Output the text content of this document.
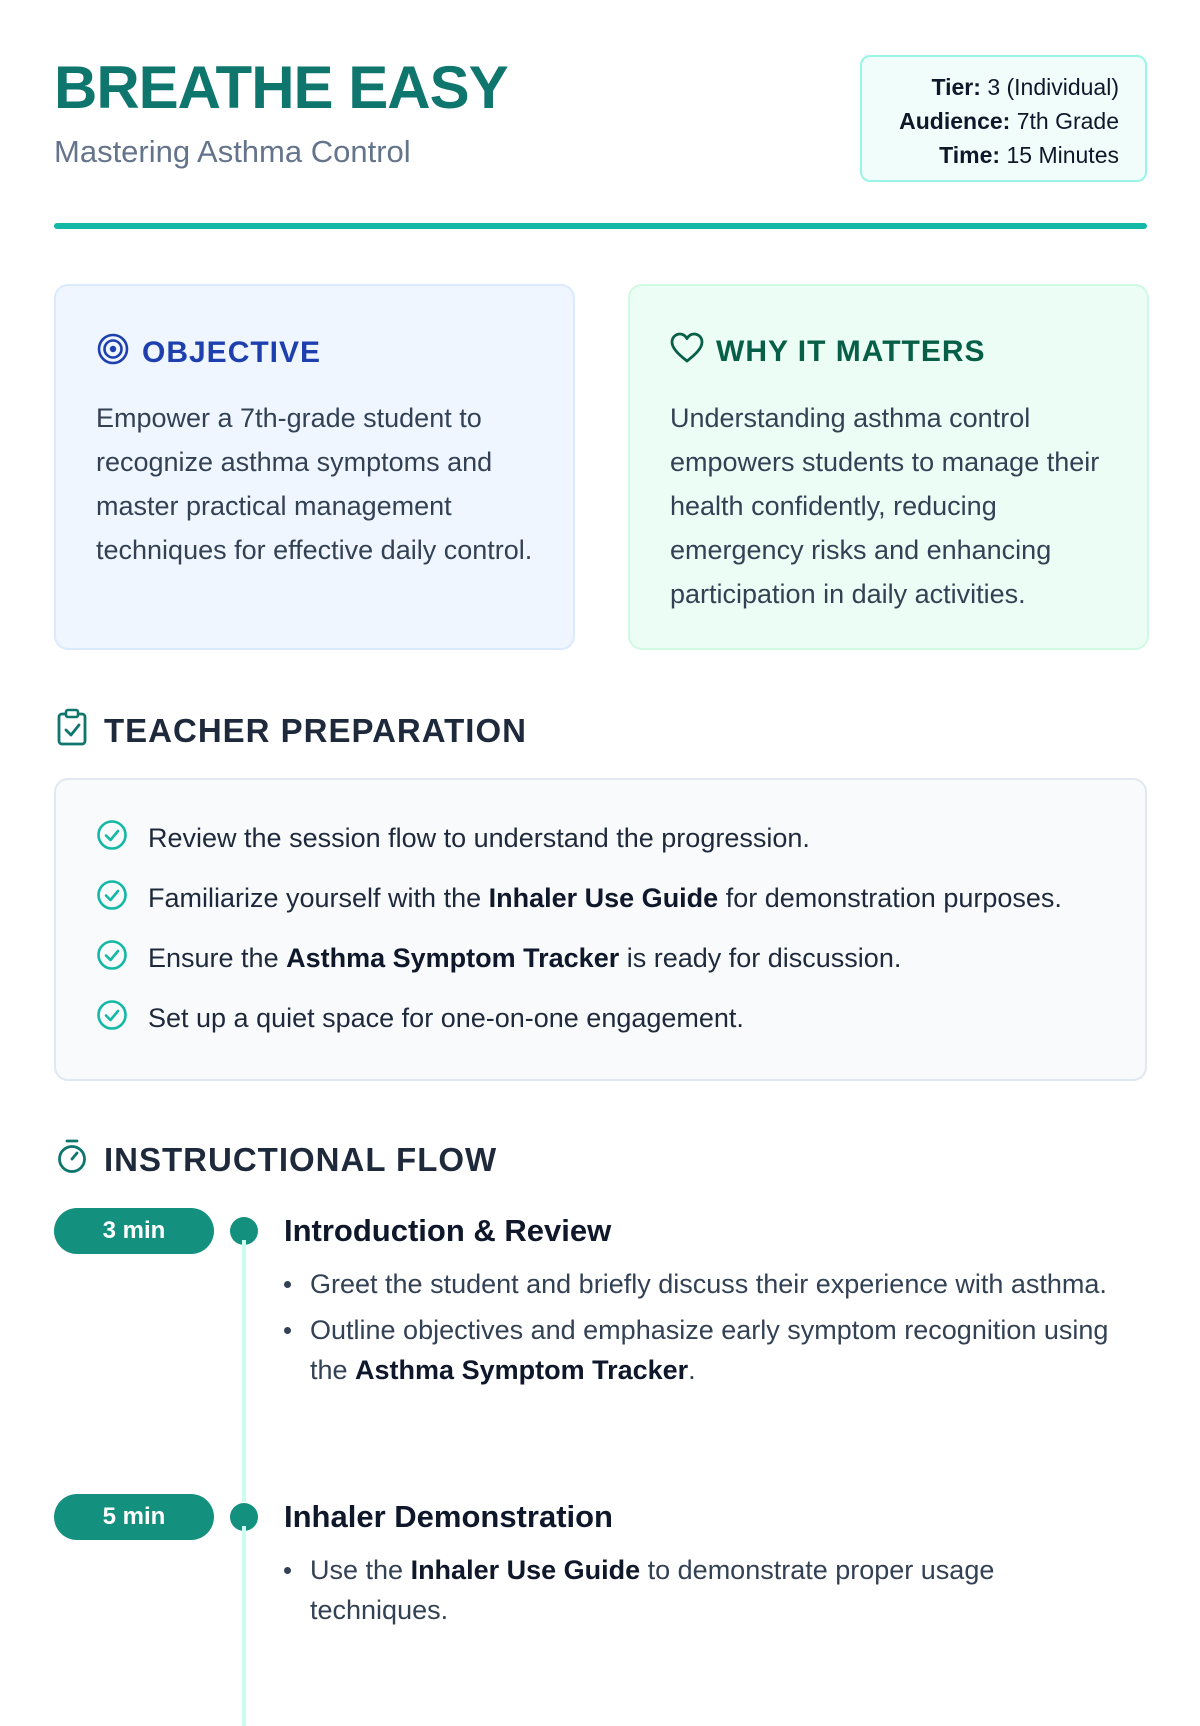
BREATHE EASY
Mastering Asthma Control
Tier: 3 (Individual)
Audience: 7th Grade
Time: 15 Minutes
OBJECTIVE
Empower a 7th-grade student to recognize asthma symptoms and master practical management techniques for effective daily control.
WHY IT MATTERS
Understanding asthma control empowers students to manage their health confidently, reducing emergency risks and enhancing participation in daily activities.
TEACHER PREPARATION
Review the session flow to understand the progression.
Familiarize yourself with the Inhaler Use Guide for demonstration purposes.
Ensure the Asthma Symptom Tracker is ready for discussion.
Set up a quiet space for one-on-one engagement.
INSTRUCTIONAL FLOW
3 min	Introduction & Review
Greet the student and briefly discuss their experience with asthma.
Outline objectives and emphasize early symptom recognition using the Asthma Symptom Tracker.
5 min	Inhaler Demonstration
Use the Inhaler Use Guide to demonstrate proper usage techniques.
